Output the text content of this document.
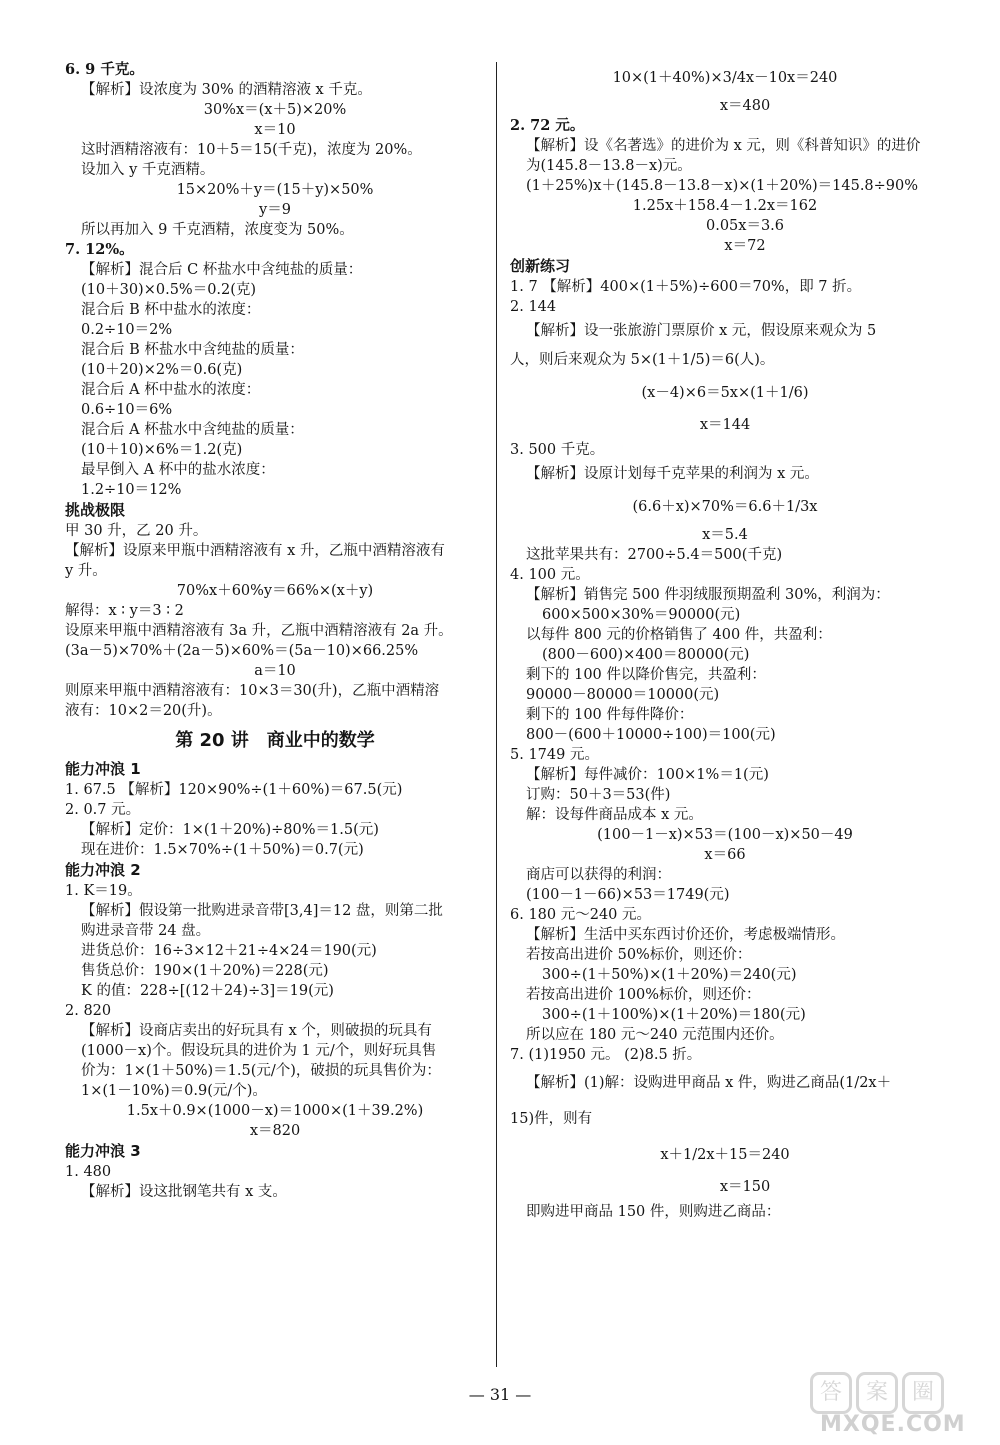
6. 9 千克。
【解析】设浓度为 30% 的酒精溶液 x 千克。
30%x＝(x＋5)×20%
x＝10
这时酒精溶液有：10＋5＝15(千克)，浓度为 20%。
设加入 y 千克酒精。
15×20%＋y＝(15＋y)×50%
y＝9
所以再加入 9 千克酒精，浓度变为 50%。
7. 12%。
【解析】混合后 C 杯盐水中含纯盐的质量：
(10＋30)×0.5%＝0.2(克)
混合后 B 杯中盐水的浓度：
0.2÷10＝2%
混合后 B 杯盐水中含纯盐的质量：
(10＋20)×2%＝0.6(克)
混合后 A 杯中盐水的浓度：
0.6÷10＝6%
混合后 A 杯盐水中含纯盐的质量：
(10＋10)×6%＝1.2(克)
最早倒入 A 杯中的盐水浓度：
1.2÷10＝12%
挑战极限
甲 30 升，乙 20 升。
【解析】设原来甲瓶中酒精溶液有 x 升，乙瓶中酒精溶液有
y 升。
70%x＋60%y＝66%×(x＋y)
解得：x ∶ y＝3 ∶ 2
设原来甲瓶中酒精溶液有 3a 升，乙瓶中酒精溶液有 2a 升。
(3a－5)×70%＋(2a－5)×60%＝(5a－10)×66.25%
a＝10
则原来甲瓶中酒精溶液有：10×3＝30(升)，乙瓶中酒精溶
液有：10×2＝20(升)。
第 20 讲　商业中的数学
能力冲浪 1
1. 67.5 【解析】120×90%÷(1＋60%)＝67.5(元)
2. 0.7 元。
【解析】定价：1×(1＋20%)÷80%＝1.5(元)
现在进价：1.5×70%÷(1＋50%)＝0.7(元)
能力冲浪 2
1. K＝19。
【解析】假设第一批购进录音带[3,4]＝12 盘，则第二批
购进录音带 24 盘。
进货总价：16÷3×12＋21÷4×24＝190(元)
售货总价：190×(1＋20%)＝228(元)
K 的值：228÷[(12＋24)÷3]＝19(元)
2. 820
【解析】设商店卖出的好玩具有 x 个，则破损的玩具有
(1000－x)个。假设玩具的进价为 1 元/个，则好玩具售
价为：1×(1＋50%)＝1.5(元/个)，破损的玩具售价为：
1×(1－10%)＝0.9(元/个)。
1.5x＋0.9×(1000－x)＝1000×(1＋39.2%)
x＝820
能力冲浪 3
1. 480
【解析】设这批钢笔共有 x 支。
10×(1＋40%)×3/4x－10x＝240
x＝480
2. 72 元。
【解析】设《名著选》的进价为 x 元，则《科普知识》的进价
为(145.8－13.8－x)元。
(1＋25%)x＋(145.8－13.8－x)×(1＋20%)＝145.8÷90%
1.25x＋158.4－1.2x＝162
0.05x＝3.6
x＝72
创新练习
1. 7 【解析】400×(1＋5%)÷600＝70%，即 7 折。
2. 144
【解析】设一张旅游门票原价 x 元，假设原来观众为 5
人，则后来观众为 5×(1＋1/5)＝6(人)。
(x－4)×6＝5x×(1＋1/6)
x＝144
3. 500 千克。
【解析】设原计划每千克苹果的利润为 x 元。
(6.6＋x)×70%＝6.6＋1/3x
x＝5.4
这批苹果共有：2700÷5.4＝500(千克)
4. 100 元。
【解析】销售完 500 件羽绒服预期盈利 30%，利润为：
600×500×30%＝90000(元)
以每件 800 元的价格销售了 400 件，共盈利：
(800－600)×400＝80000(元)
剩下的 100 件以降价售完，共盈利：
90000－80000＝10000(元)
剩下的 100 件每件降价：
800－(600＋10000÷100)＝100(元)
5. 1749 元。
【解析】每件减价：100×1%＝1(元)
订购：50＋3＝53(件)
解：设每件商品成本 x 元。
(100－1－x)×53＝(100－x)×50－49
x＝66
商店可以获得的利润：
(100－1－66)×53＝1749(元)
6. 180 元～240 元。
【解析】生活中买东西讨价还价，考虑极端情形。
若按高出进价 50%标价，则还价：
300÷(1＋50%)×(1＋20%)＝240(元)
若按高出进价 100%标价，则还价：
300÷(1＋100%)×(1＋20%)＝180(元)
所以应在 180 元～240 元范围内还价。
7. (1)1950 元。 (2)8.5 折。
【解析】(1)解：设购进甲商品 x 件，购进乙商品(1/2x＋
15)件，则有
x＋1/2x＋15＝240
x＝150
即购进甲商品 150 件，则购进乙商品：
— 31 —	答	案	圈
MXQE.COM
